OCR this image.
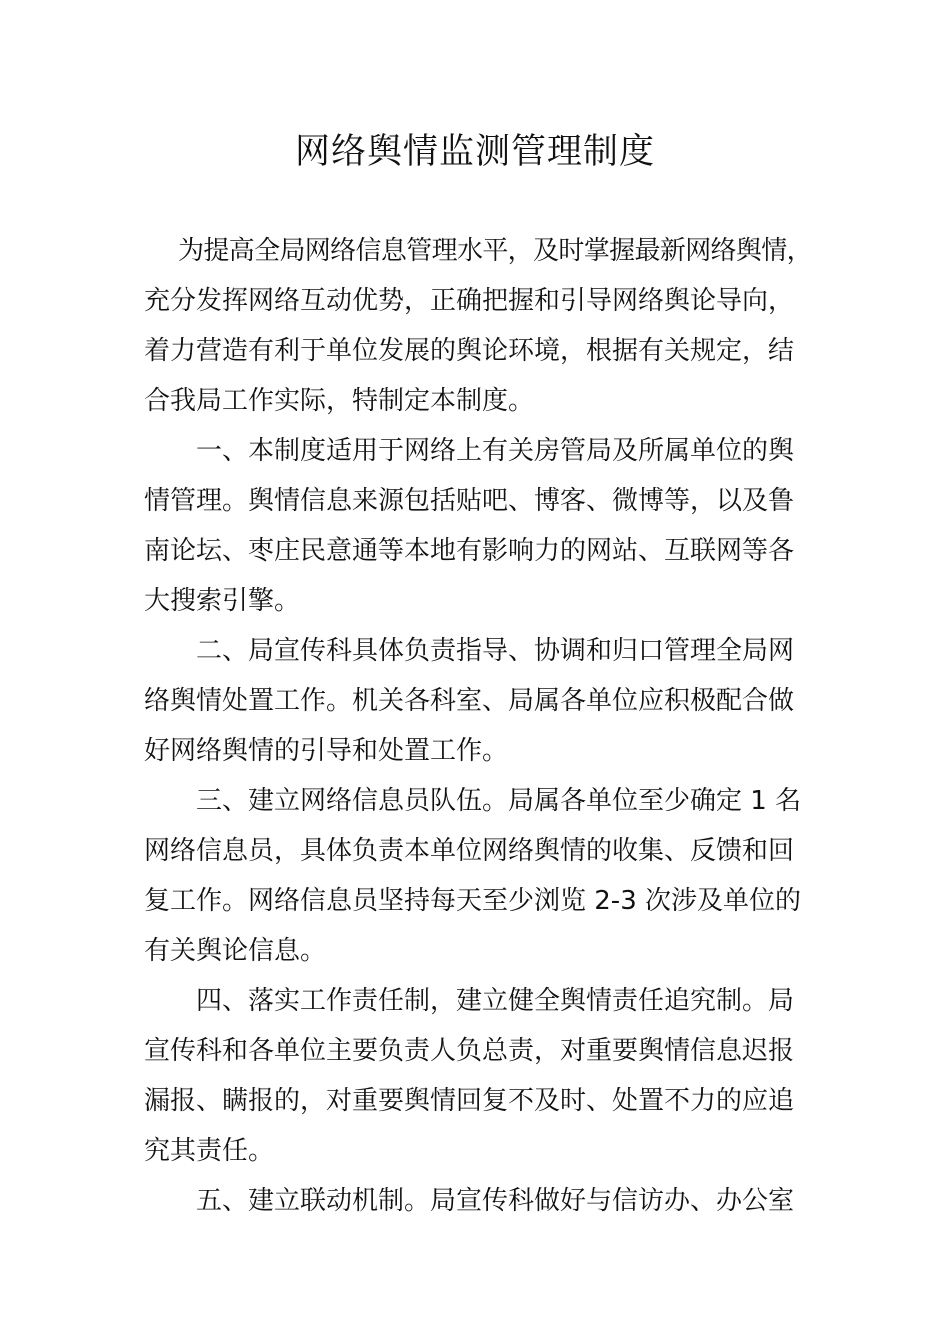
网络舆情监测管理制度
为提高全局网络信息管理水平，及时掌握最新网络舆情，
充分发挥网络互动优势，正确把握和引导网络舆论导向，
着力营造有利于单位发展的舆论环境，根据有关规定，结
合我局工作实际，特制定本制度。
一、本制度适用于网络上有关房管局及所属单位的舆
情管理。舆情信息来源包括贴吧、博客、微博等，以及鲁
南论坛、枣庄民意通等本地有影响力的网站、互联网等各
大搜索引擎。
二、局宣传科具体负责指导、协调和归口管理全局网
络舆情处置工作。机关各科室、局属各单位应积极配合做
好网络舆情的引导和处置工作。
三、建立网络信息员队伍。局属各单位至少确定 1 名
网络信息员，具体负责本单位网络舆情的收集、反馈和回
复工作。网络信息员坚持每天至少浏览 2-3 次涉及单位的
有关舆论信息。
四、落实工作责任制，建立健全舆情责任追究制。局
宣传科和各单位主要负责人负总责，对重要舆情信息迟报
漏报、瞒报的，对重要舆情回复不及时、处置不力的应追
究其责任。
五、建立联动机制。局宣传科做好与信访办、办公室
